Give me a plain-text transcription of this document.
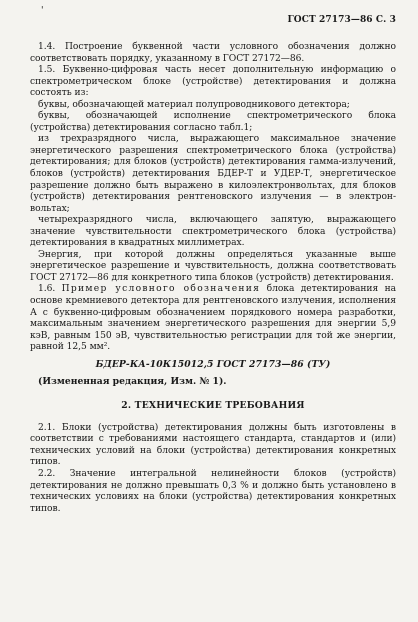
'
ГОСТ 27173—86 С. 3

1.4. Построение буквенной части условного обозначения должно соответствовать порядку, указанному в ГОСТ 27172—86.

1.5. Буквенно-цифровая часть несет дополнительную информацию о спектрометрическом блоке (устройстве) детектирования и должна состоять из:

буквы, обозначающей материал полупроводникового детектора;

буквы, обозначающей исполнение спектрометрического блока (устройства) детектирования согласно табл.1;

из трехразрядного числа, выражающего максимальное значение энергетического разрешения спектрометрического блока (устройства) детектирования; для блоков (устройств) детектирования гамма-излучений, блоков (устройств) детектирования БДЕР-Т и УДЕР-Т, энергетическое разрешение должно быть выражено в килоэлектронвольтах, для блоков (устройств) детектирования рентгеновского излучения — в электрон-вольтах;

четырехразрядного числа, включающего запятую, выражающего значение чувствительности спектрометрического блока (устройства) детектирования в квадратных миллиметрах.

Энергия, при которой должны определяться указанные выше энергетическое разрешение и чувствительность, должна соответствовать ГОСТ 27172—86 для конкретного типа блоков (устройств) детектирования.

1.6. Пример условного обозначения блока детектирования на основе кремниевого детектора для рентгеновского излучения, исполнения А с буквенно-цифровым обозначением порядкового номера разработки, максимальным значением энергетического разрешения для энергии 5,9 кэВ, равным 150 эВ, чувствительностью регистрации для той же энергии, равной 12,5 мм².

БДЕР-КА-10К15012,5 ГОСТ 27173—86 (ТУ)
(Измененная редакция, Изм. № 1).
2. ТЕХНИЧЕСКИЕ ТРЕБОВАНИЯ

2.1. Блоки (устройства) детектирования должны быть изготовлены в соответствии с требованиями настоящего стандарта, стандартов и (или) технических условий на блоки (устройства) детектирования конкретных типов.

2.2. Значение интегральной нелинейности блоков (устройств) детектирования не должно превышать 0,3 % и должно быть установлено в технических условиях на блоки (устройства) детектирования конкретных типов.
